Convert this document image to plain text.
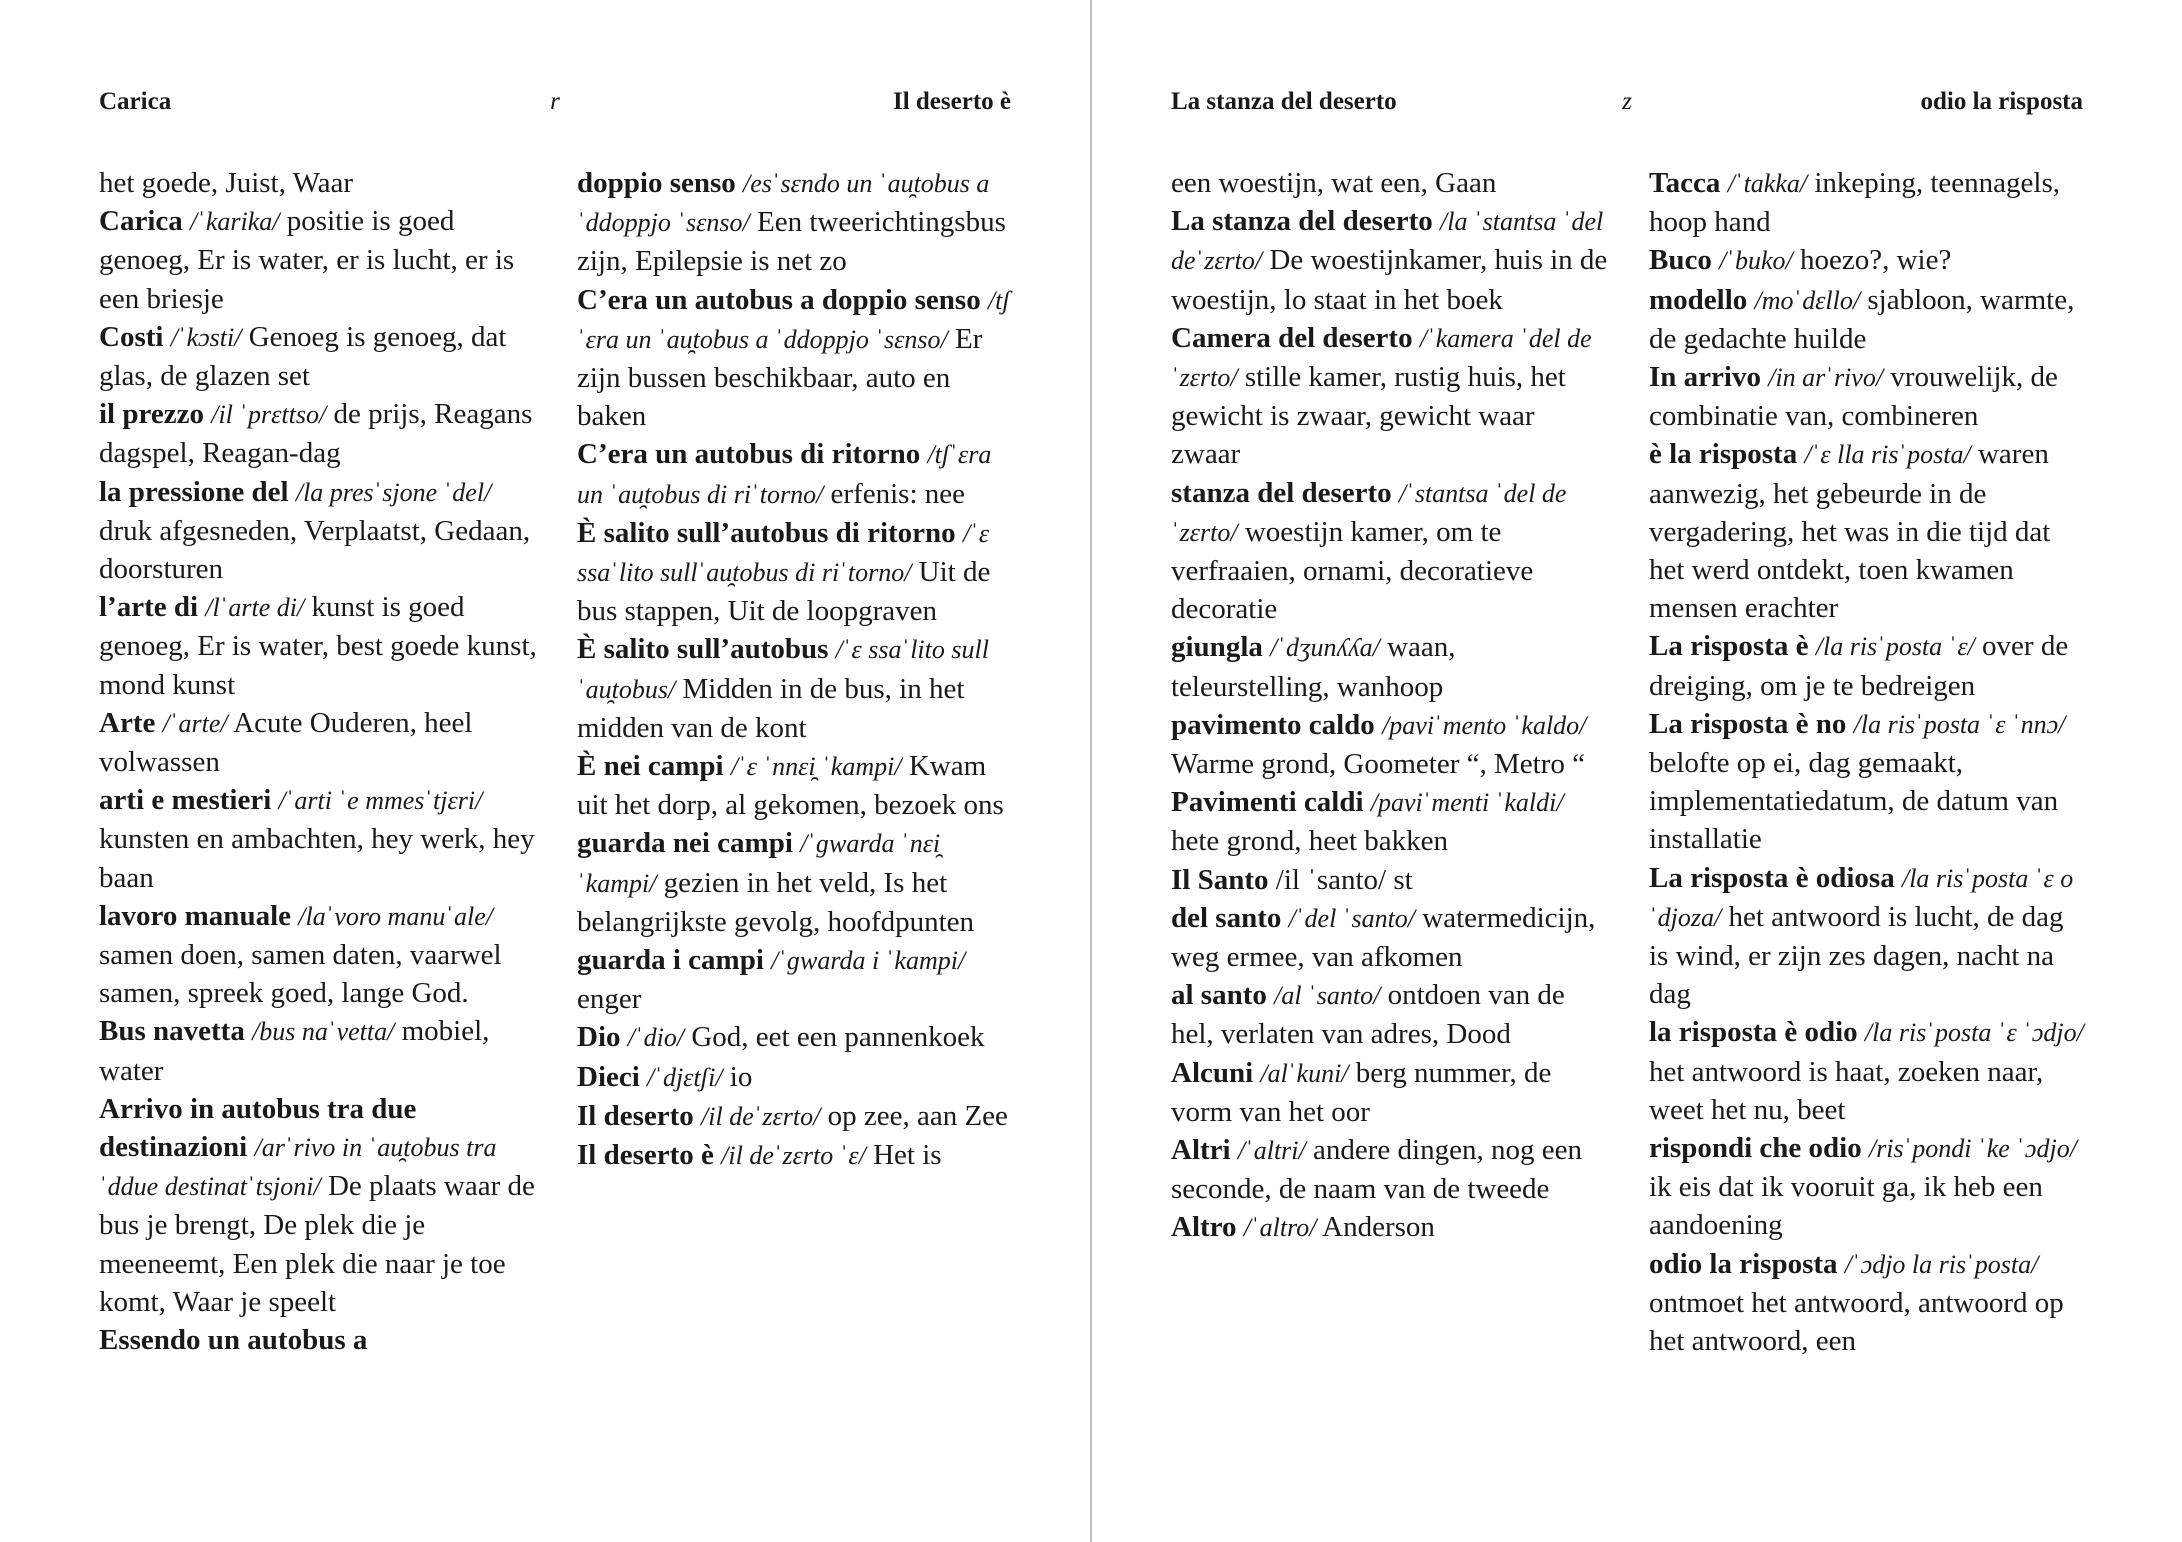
Carica	r	Il deserto è
het goede, Juist, Waar
Carica /ˈkarika/ positie is goed genoeg, Er is water, er is lucht, er is een briesje
Costi /ˈkɔsti/ Genoeg is genoeg, dat glas, de glazen set
il prezzo /il ˈprɛttso/ de prijs, Reagans dagspel, Reagan-dag
la pressione del /la presˈsjone ˈdel/ druk afgesneden, Verplaatst, Gedaan, doorsturen
l’arte di /lˈarte di/ kunst is goed genoeg, Er is water, best goede kunst, mond kunst
Arte /ˈarte/ Acute Ouderen, heel volwassen
arti e mestieri /ˈarti ˈe mmesˈtjɛri/ kunsten en ambachten, hey werk, hey baan
lavoro manuale /laˈvoro manuˈale/ samen doen, samen daten, vaarwel samen, spreek goed, lange God.
Bus navetta /bus naˈvetta/ mobiel, water
Arrivo in autobus tra due destinazioni /arˈrivo in ˈau̯tobus tra ˈddue destinatˈtsjoni/ De plaats waar de bus je brengt, De plek die je meeneemt, Een plek die naar je toe komt, Waar je speelt
Essendo un autobus a
doppio senso /esˈsɛndo un ˈau̯tobus a ˈddoppjo ˈsɛnso/ Een tweerichtingsbus zijn, Epilepsie is net zo
C’era un autobus a doppio senso /tʃˈɛra un ˈau̯tobus a ˈddoppjo ˈsɛnso/ Er zijn bussen beschikbaar, auto en baken
C’era un autobus di ritorno /tʃˈɛra un ˈau̯tobus di riˈtorno/ erfenis: nee
È salito sull’autobus di ritorno /ˈɛ ssaˈlito sullˈau̯tobus di riˈtorno/ Uit de bus stappen, Uit de loopgraven
È salito sull’autobus /ˈɛ ssaˈlito sullˈau̯tobus/ Midden in de bus, in het midden van de kont
È nei campi /ˈɛ ˈnnɛi̯ ˈkampi/ Kwam uit het dorp, al gekomen, bezoek ons
guarda nei campi /ˈɡwarda ˈnɛi̯ ˈkampi/ gezien in het veld, Is het belangrijkste gevolg, hoofdpunten
guarda i campi /ˈɡwarda i ˈkampi/ enger
Dio /ˈdio/ God, eet een pannenkoek
Dieci /ˈdjɛtʃi/ io
Il deserto /il deˈzɛrto/ op zee, aan Zee
Il deserto è /il deˈzɛrto ˈɛ/ Het is
La stanza del deserto	z	odio la risposta
een woestijn, wat een, Gaan
La stanza del deserto /la ˈstantsa ˈdel deˈzɛrto/ De woestijnkamer, huis in de woestijn, lo staat in het boek
Camera del deserto /ˈkamera ˈdel deˈzɛrto/ stille kamer, rustig huis, het gewicht is zwaar, gewicht waar zwaar
stanza del deserto /ˈstantsa ˈdel deˈzɛrto/ woestijn kamer, om te verfraaien, ornami, decoratieve decoratie
giungla /ˈdʒunʎʎa/ waan, teleurstelling, wanhoop
pavimento caldo /paviˈmento ˈkaldo/ Warme grond, Goometer “, Metro “
Pavimenti caldi /paviˈmenti ˈkaldi/ hete grond, heet bakken
Il Santo /il ˈsanto/ st
del santo /ˈdel ˈsanto/ watermedicijn, weg ermee, van afkomen
al santo /al ˈsanto/ ontdoen van de hel, verlaten van adres, Dood
Alcuni /alˈkuni/ berg nummer, de vorm van het oor
Altri /ˈaltri/ andere dingen, nog een seconde, de naam van de tweede
Altro /ˈaltro/ Anderson
Tacca /ˈtakka/ inkeping, teennagels, hoop hand
Buco /ˈbuko/ hoezo?, wie?
modello /moˈdɛllo/ sjabloon, warmte, de gedachte huilde
In arrivo /in arˈrivo/ vrouwelijk, de combinatie van, combineren
è la risposta /ˈɛ lla risˈposta/ waren aanwezig, het gebeurde in de vergadering, het was in die tijd dat het werd ontdekt, toen kwamen mensen erachter
La risposta è /la risˈposta ˈɛ/ over de dreiging, om je te bedreigen
La risposta è no /la risˈposta ˈɛ ˈnnɔ/ belofte op ei, dag gemaakt, implementatiedatum, de datum van installatie
La risposta è odiosa /la risˈposta ˈɛ oˈdjoza/ het antwoord is lucht, de dag is wind, er zijn zes dagen, nacht na dag
la risposta è odio /la risˈposta ˈɛ ˈɔdjo/ het antwoord is haat, zoeken naar, weet het nu, beet
rispondi che odio /risˈpondi ˈke ˈɔdjo/ ik eis dat ik vooruit ga, ik heb een aandoening
odio la risposta /ˈɔdjo la risˈposta/ ontmoet het antwoord, antwoord op het antwoord, een
